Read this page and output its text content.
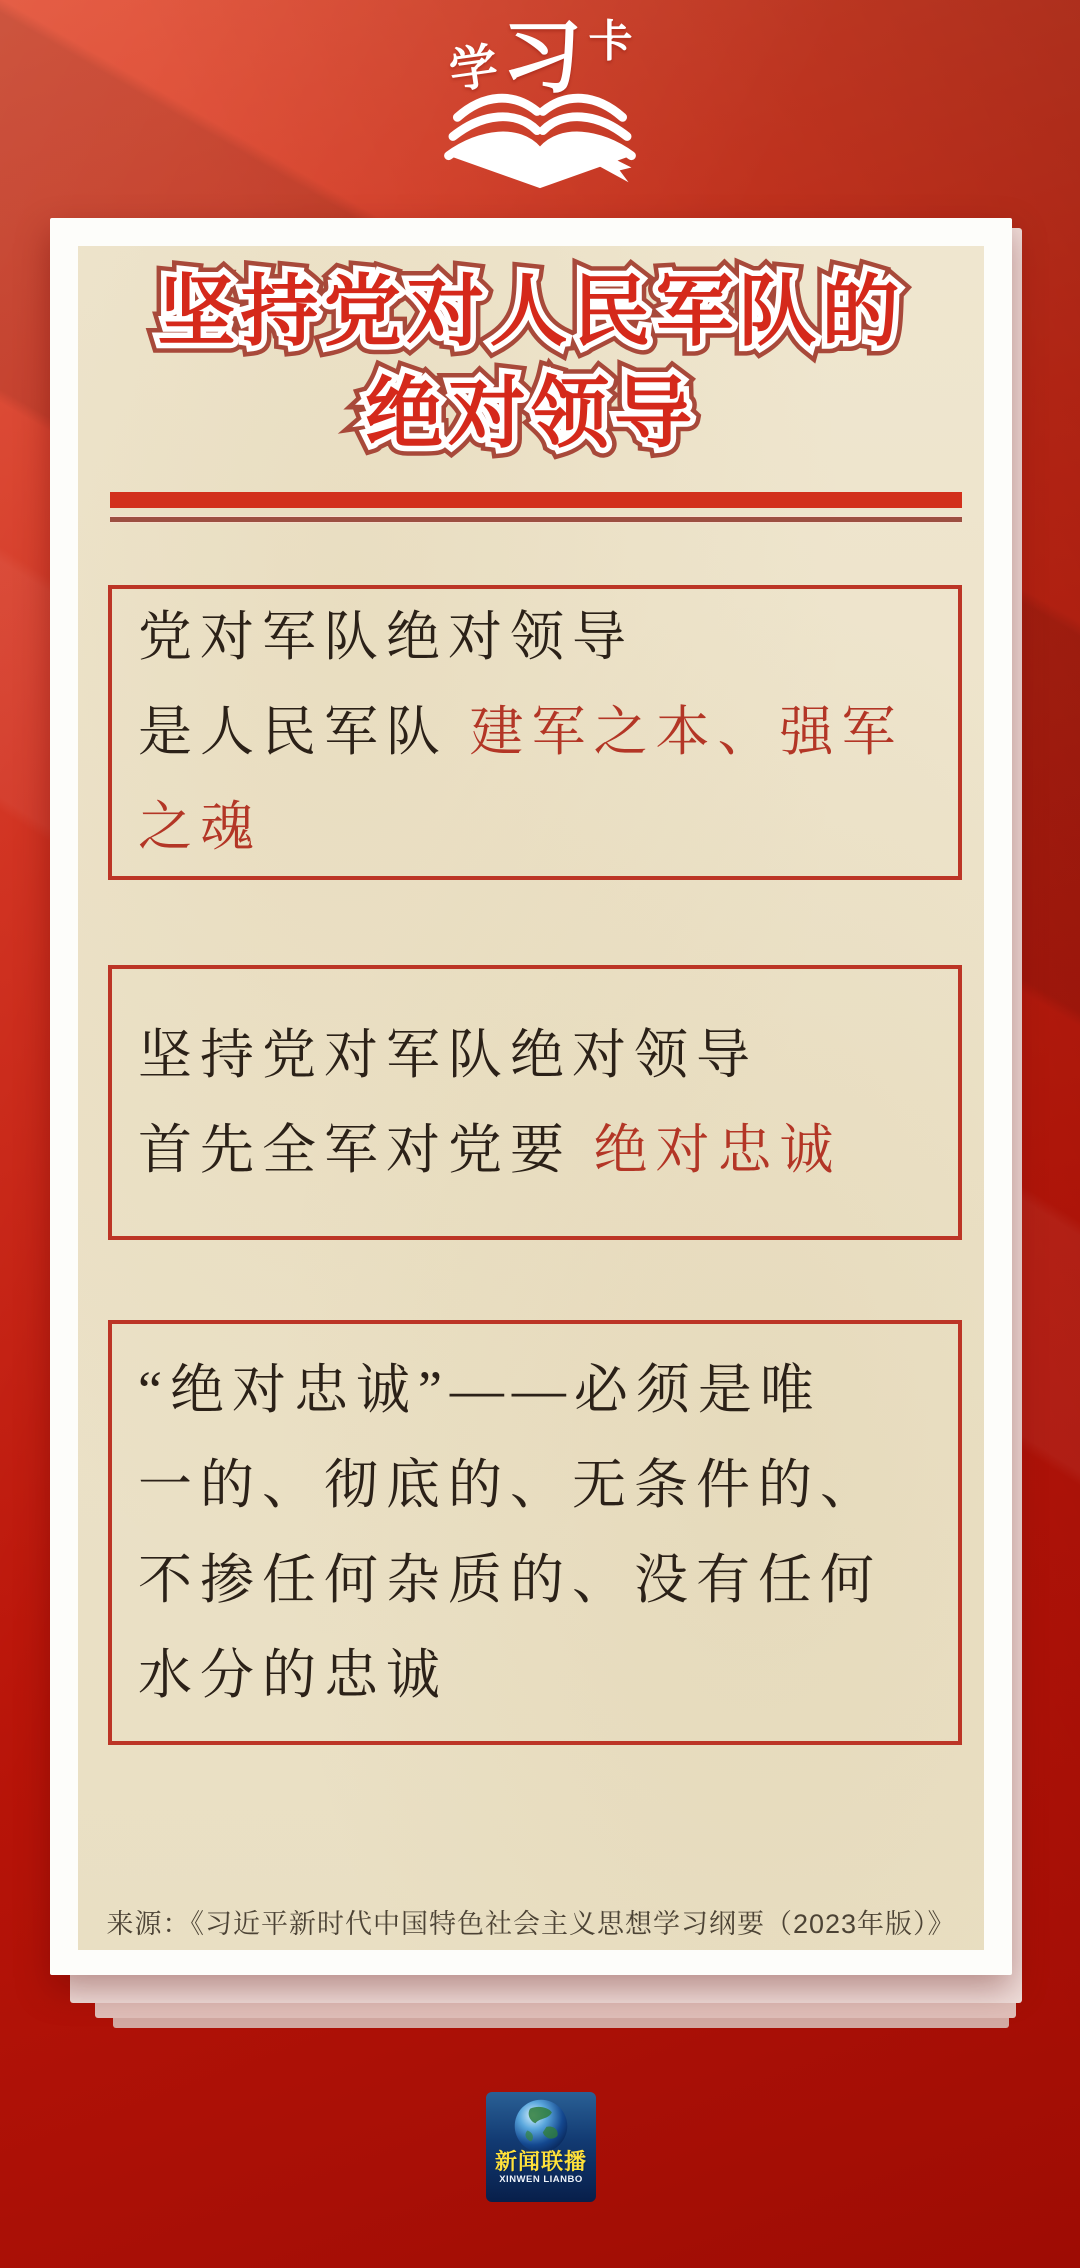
学 习 卡
坚持党对人民军队的 坚持党对人民军队的 坚持党对人民军队的
绝对领导 绝对领导 绝对领导
党对军队绝对领导
是人民军队 建军之本、强军
之魂
坚持党对军队绝对领导
首先全军对党要 绝对忠诚
“绝对忠诚”——必须是唯
一的、彻底的、无条件的、
不掺任何杂质的、没有任何
水分的忠诚
来源：《习近平新时代中国特色社会主义思想学习纲要（2023年版）》
新闻联播
XINWEN LIANBO
